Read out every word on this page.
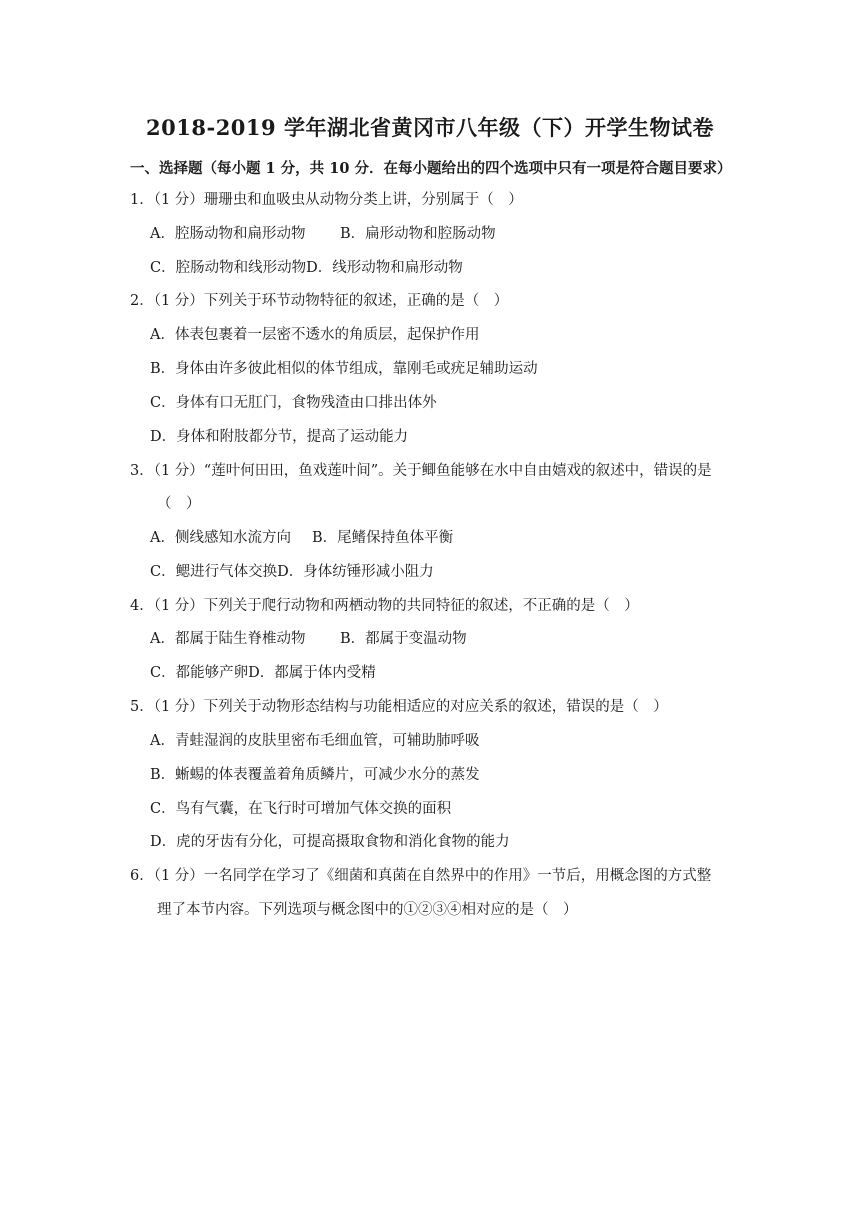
2018-2019 学年湖北省黄冈市八年级（下）开学生物试卷
一、选择题（每小题 1 分，共 10 分．在每小题给出的四个选项中只有一项是符合题目要求）
1．（1 分）珊珊虫和血吸虫从动物分类上讲，分别属于（　）
A．腔肠动物和扁形动物 B．扁形动物和腔肠动物
C．腔肠动物和线形动物D．线形动物和扁形动物
2．（1 分）下列关于环节动物特征的叙述，正确的是（　）
A．体表包裹着一层密不透水的角质层，起保护作用
B．身体由许多彼此相似的体节组成，靠刚毛或疣足辅助运动
C．身体有口无肛门，食物残渣由口排出体外
D．身体和附肢都分节，提高了运动能力
3．（1 分）“莲叶何田田，鱼戏莲叶间”。关于鲫鱼能够在水中自由嬉戏的叙述中，错误的是
（　）
A．侧线感知水流方向 B．尾鳍保持鱼体平衡
C．鳃进行气体交换D．身体纺锤形减小阻力
4．（1 分）下列关于爬行动物和两栖动物的共同特征的叙述，不正确的是（　）
A．都属于陆生脊椎动物 B．都属于变温动物
C．都能够产卵D．都属于体内受精
5．（1 分）下列关于动物形态结构与功能相适应的对应关系的叙述，错误的是（　）
A．青蛙湿润的皮肤里密布毛细血管，可辅助肺呼吸
B．蜥蜴的体表覆盖着角质鳞片，可减少水分的蒸发
C．鸟有气囊，在飞行时可增加气体交换的面积
D．虎的牙齿有分化，可提高摄取食物和消化食物的能力
6．（1 分）一名同学在学习了《细菌和真菌在自然界中的作用》一节后，用概念图的方式整
理了本节内容。下列选项与概念图中的①②③④相对应的是（　）
